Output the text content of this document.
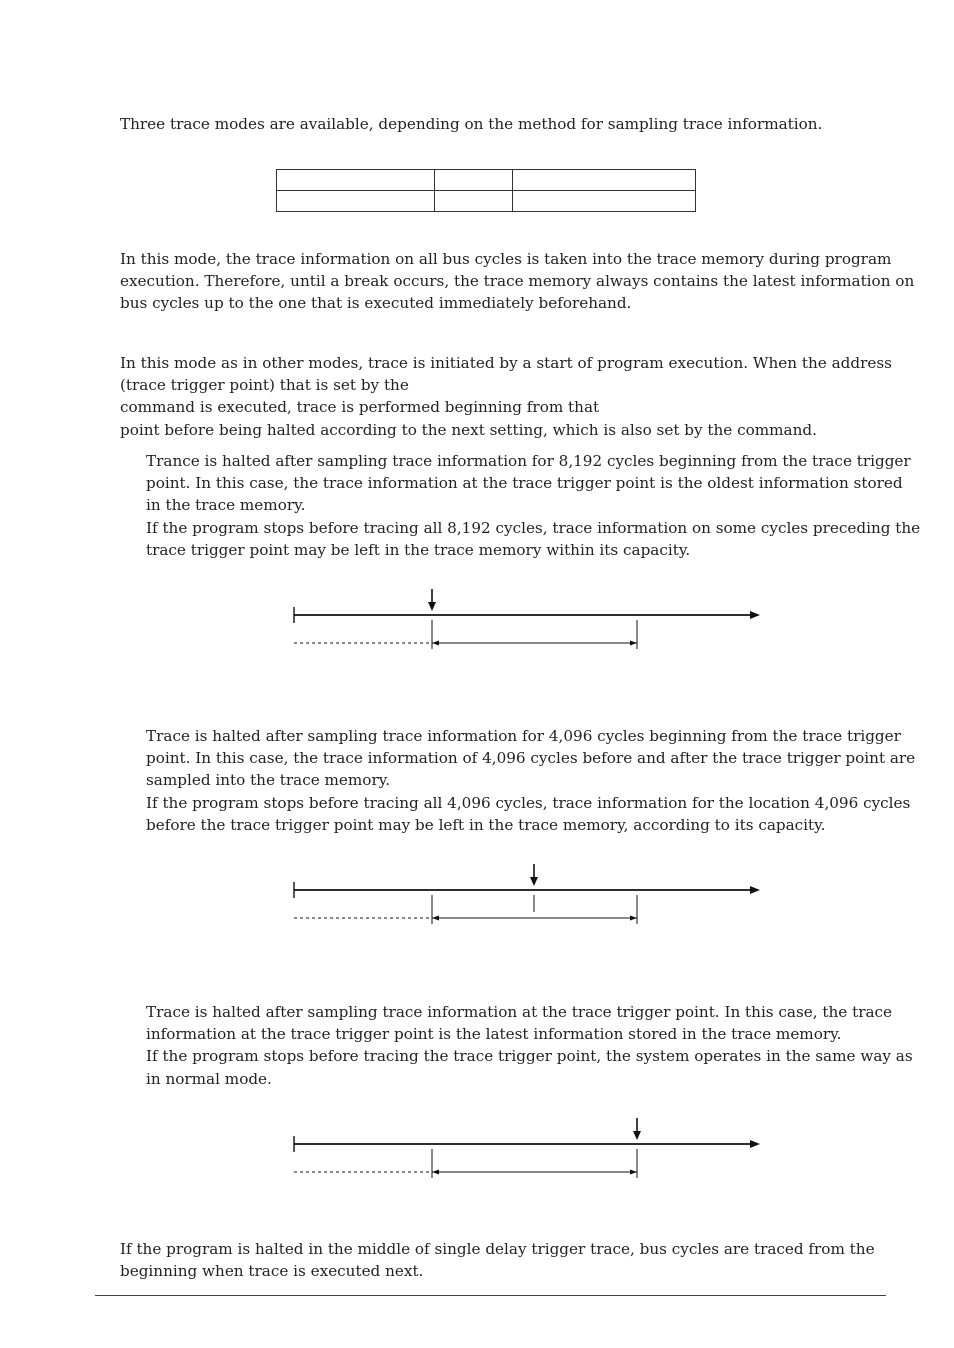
Three trace modes are available, depending on the method for sampling trace information.

In this mode, the trace information on all bus cycles is taken into the trace memory during program
execution. Therefore, until a break occurs, the trace memory always contains the latest information on
bus cycles up to the one that is executed immediately beforehand.

In this mode as in other modes, trace is initiated by a start of program execution. When the address
(trace trigger point) that is set by the
command is executed, trace is performed beginning from that
point before being halted according to the next setting, which is also set by the command.

Trance is halted after sampling trace information for 8,192 cycles beginning from the trace trigger
point. In this case, the trace information at the trace trigger point is the oldest information stored
in the trace memory.
If the program stops before tracing all 8,192 cycles, trace information on some cycles preceding the
trace trigger point may be left in the trace memory within its capacity.

Trace is halted after sampling trace information for 4,096 cycles beginning from the trace trigger
point. In this case, the trace information of 4,096 cycles before and after the trace trigger point are
sampled into the trace memory.
If the program stops before tracing all 4,096 cycles, trace information for the location 4,096 cycles
before the trace trigger point may be left in the trace memory, according to its capacity.

Trace is halted after sampling trace information at the trace trigger point. In this case, the trace
information at the trace trigger point is the latest information stored in the trace memory.
If the program stops before tracing the trace trigger point, the system operates in the same way as
in normal mode.

If the program is halted in the middle of single delay trigger trace, bus cycles are traced from the
beginning when trace is executed next.
